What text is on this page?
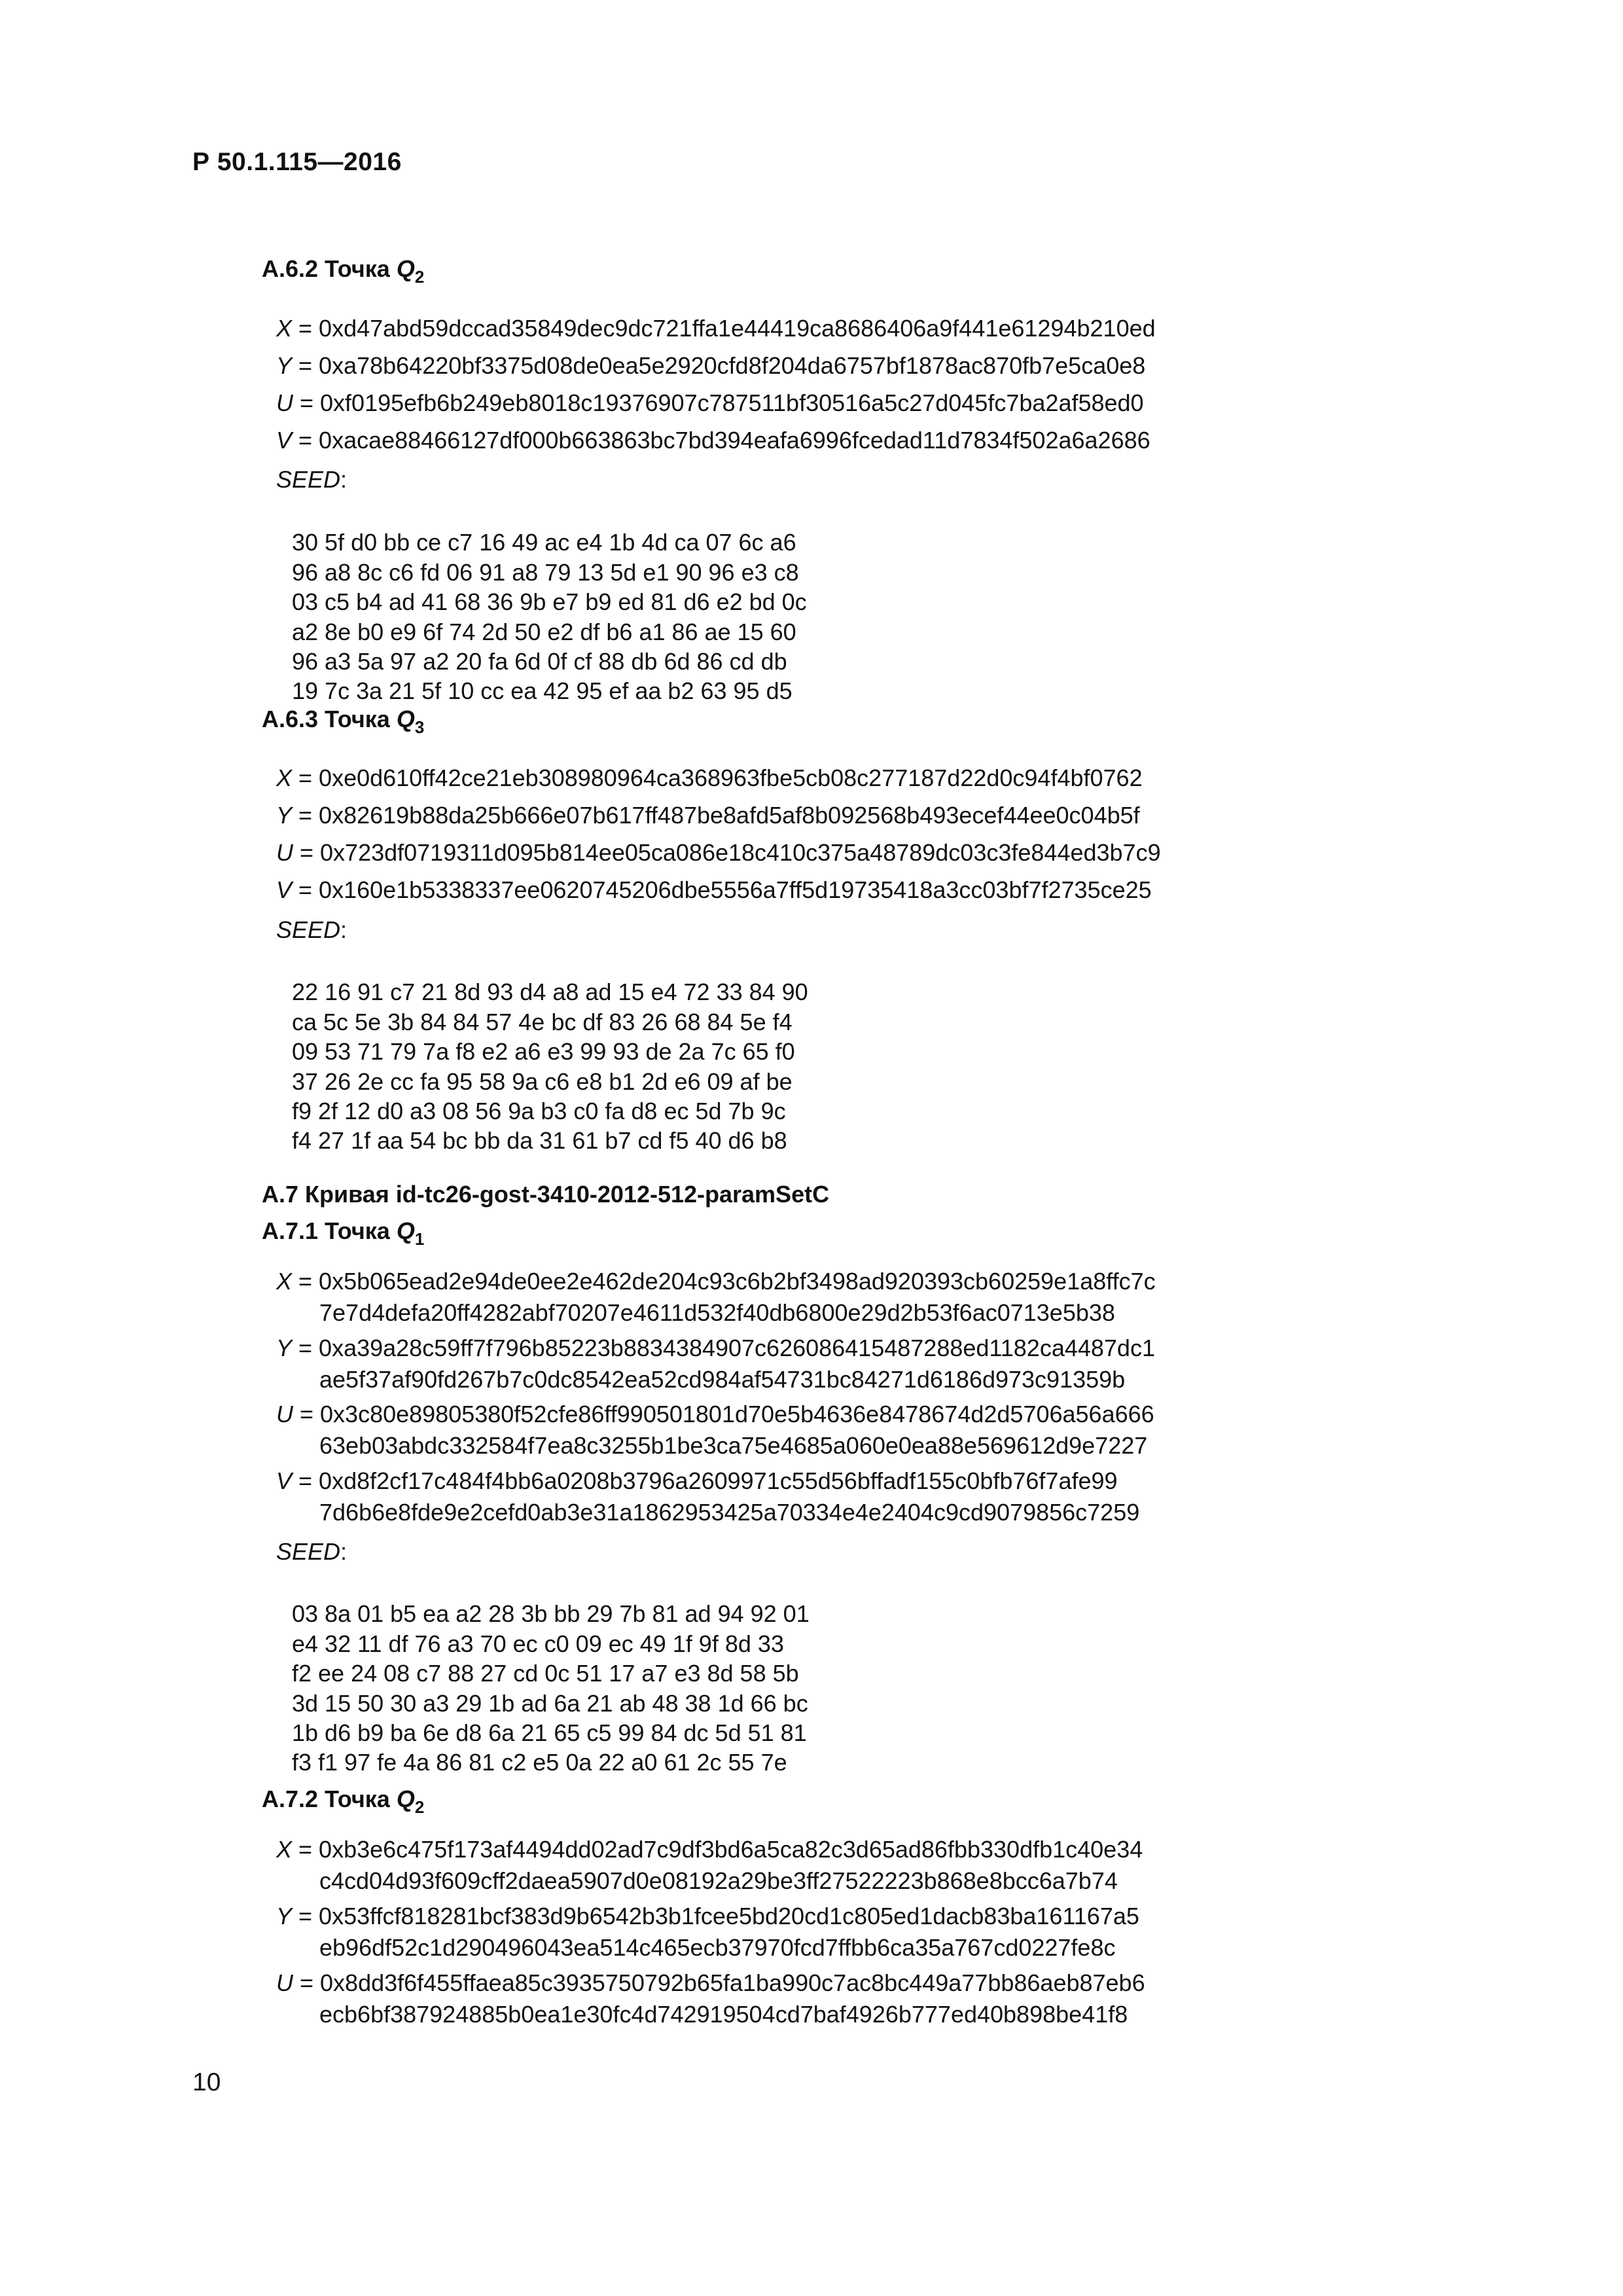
Р 50.1.115—2016
А.6.2 Точка $Q_2$
X = 0xd47abd59dccad35849dec9dc721ffa1e44419ca8686406a9f441e61294b210ed
Y = 0xa78b64220bf3375d08de0ea5e2920cfd8f204da6757bf1878ac870fb7e5ca0e8
U = 0xf0195efb6b249eb8018c19376907c787511bf30516a5c27d045fc7ba2af58ed0
V = 0xacae88466127df000b663863bc7bd394eafa6996fcedad11d7834f502a6a2686
SEED:

30 5f d0 bb ce c7 16 49 ac e4 1b 4d ca 07 6c a6
96 a8 8c c6 fd 06 91 a8 79 13 5d e1 90 96 e3 c8
03 c5 b4 ad 41 68 36 9b e7 b9 ed 81 d6 e2 bd 0c
a2 8e b0 e9 6f 74 2d 50 e2 df b6 a1 86 ae 15 60
96 a3 5a 97 a2 20 fa 6d 0f cf 88 db 6d 86 cd db
19 7c 3a 21 5f 10 cc ea 42 95 ef aa b2 63 95 d5

А.6.3 Точка $Q_3$
X = 0xe0d610ff42ce21eb308980964ca368963fbe5cb08c277187d22d0c94f4bf0762
Y = 0x82619b88da25b666e07b617ff487be8afd5af8b092568b493ecef44ee0c04b5f
U = 0x723df0719311d095b814ee05ca086e18c410c375a48789dc03c3fe844ed3b7c9
V = 0x160e1b5338337ee0620745206dbe5556a7ff5d19735418a3cc03bf7f2735ce25
SEED:

22 16 91 c7 21 8d 93 d4 a8 ad 15 e4 72 33 84 90
ca 5c 5e 3b 84 84 57 4e bc df 83 26 68 84 5e f4
09 53 71 79 7a f8 e2 a6 e3 99 93 de 2a 7c 65 f0
37 26 2e cc fa 95 58 9a c6 e8 b1 2d e6 09 af be
f9 2f 12 d0 a3 08 56 9a b3 c0 fa d8 ec 5d 7b 9c
f4 27 1f aa 54 bc bb da 31 61 b7 cd f5 40 d6 b8

А.7 Кривая id-tc26-gost-3410-2012-512-paramSetC
А.7.1 Точка $Q_1$
X = 0x5b065ead2e94de0ee2e462de204c93c6b2bf3498ad920393cb60259e1a8ffc7c
7e7d4defa20ff4282abf70207e4611d532f40db6800e29d2b53f6ac0713e5b38
Y = 0xa39a28c59ff7f796b85223b8834384907c626086415487288ed1182ca4487dc1
ae5f37af90fd267b7c0dc8542ea52cd984af54731bc84271d6186d973c91359b
U = 0x3c80e89805380f52cfe86ff990501801d70e5b4636e8478674d2d5706a56a666
63eb03abdc332584f7ea8c3255b1be3ca75e4685a060e0ea88e569612d9e7227
V = 0xd8f2cf17c484f4bb6a0208b3796a2609971c55d56bffadf155c0bfb76f7afe99
7d6b6e8fde9e2cefd0ab3e31a1862953425a70334e4e2404c9cd9079856c7259
SEED:

03 8a 01 b5 ea a2 28 3b bb 29 7b 81 ad 94 92 01
e4 32 11 df 76 a3 70 ec c0 09 ec 49 1f 9f 8d 33
f2 ee 24 08 c7 88 27 cd 0c 51 17 a7 e3 8d 58 5b
3d 15 50 30 a3 29 1b ad 6a 21 ab 48 38 1d 66 bc
1b d6 b9 ba 6e d8 6a 21 65 c5 99 84 dc 5d 51 81
f3 f1 97 fe 4a 86 81 c2 e5 0a 22 a0 61 2c 55 7e

А.7.2 Точка $Q_2$
X = 0xb3e6c475f173af4494dd02ad7c9df3bd6a5ca82c3d65ad86fbb330dfb1c40e34
c4cd04d93f609cff2daea5907d0e08192a29be3ff27522223b868e8bcc6a7b74
Y = 0x53ffcf818281bcf383d9b6542b3b1fcee5bd20cd1c805ed1dacb83ba161167a5
eb96df52c1d290496043ea514c465ecb37970fcd7ffbb6ca35a767cd0227fe8c
U = 0x8dd3f6f455ffaea85c3935750792b65fa1ba990c7ac8bc449a77bb86aeb87eb6
ecb6bf387924885b0ea1e30fc4d742919504cd7baf4926b777ed40b898be41f8
10
